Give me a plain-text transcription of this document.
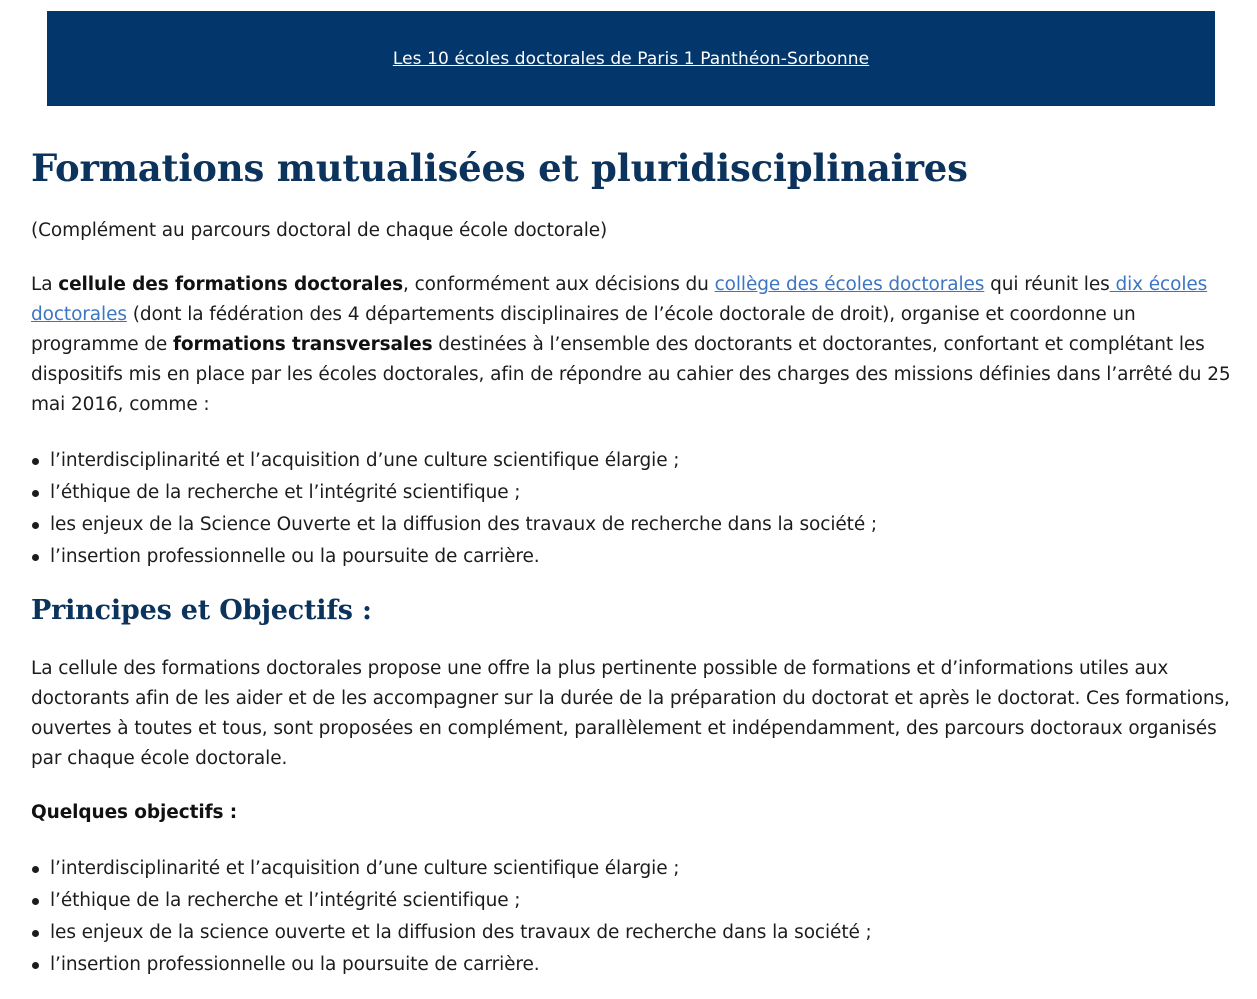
Les 10 écoles doctorales de Paris 1 Panthéon-Sorbonne
Formations mutualisées et pluridisciplinaires

(Complément au parcours doctoral de chaque école doctorale)

La cellule des formations doctorales, conformément aux décisions du collège des écoles doctorales qui réunit les dix écoles doctorales (dont la fédération des 4 départements disciplinaires de l’école doctorale de droit), organise et coordonne un programme de formations transversales destinées à l’ensemble des doctorants et doctorantes, confortant et complétant les dispositifs mis en place par les écoles doctorales, afin de répondre au cahier des charges des missions définies dans l’arrêté du 25 mai 2016, comme :

l’interdisciplinarité et l’acquisition d’une culture scientifique élargie ;
l’éthique de la recherche et l’intégrité scientifique ;
les enjeux de la Science Ouverte et la diffusion des travaux de recherche dans la société ;
l’insertion professionnelle ou la poursuite de carrière.
Principes et Objectifs :

La cellule des formations doctorales propose une offre la plus pertinente possible de formations et d’informations utiles aux doctorants afin de les aider et de les accompagner sur la durée de la préparation du doctorat et après le doctorat. Ces formations, ouvertes à toutes et tous, sont proposées en complément, parallèlement et indépendamment, des parcours doctoraux organisés par chaque école doctorale.

Quelques objectifs :

l’interdisciplinarité et l’acquisition d’une culture scientifique élargie ;
l’éthique de la recherche et l’intégrité scientifique ;
les enjeux de la science ouverte et la diffusion des travaux de recherche dans la société ;
l’insertion professionnelle ou la poursuite de carrière.
